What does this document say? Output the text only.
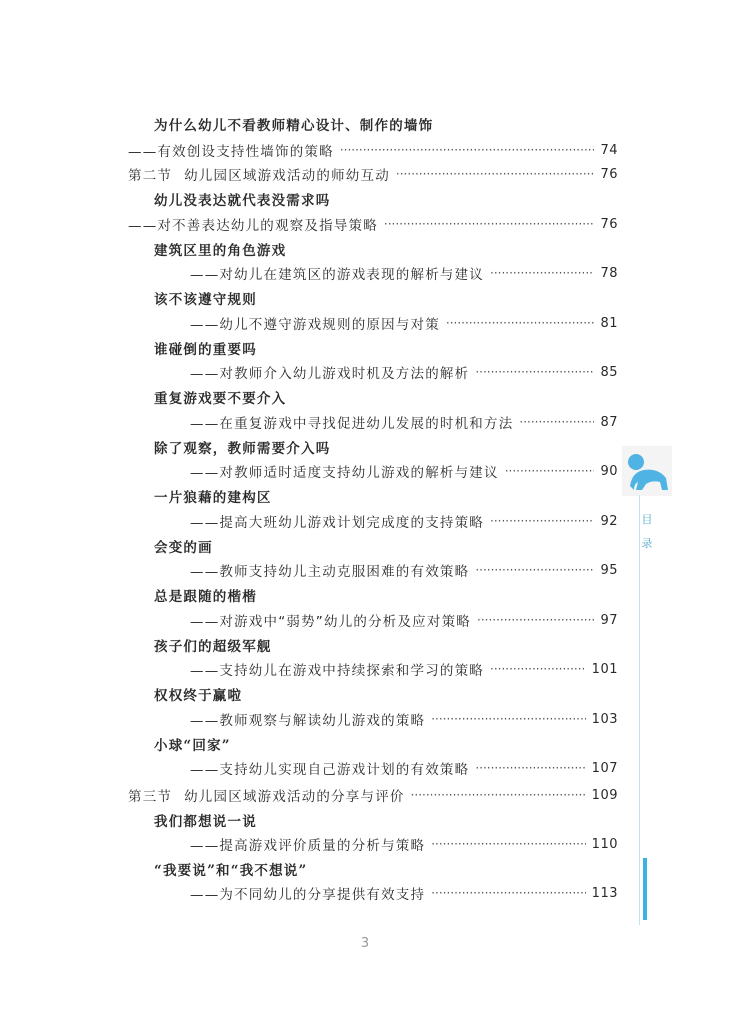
为什么幼儿不看教师精心设计、制作的墙饰
——有效创设支持性墙饰的策略 ·····	74
第二节 幼儿园区域游戏活动的师幼互动 ·····	76
幼儿没表达就代表没需求吗
——对不善表达幼儿的观察及指导策略 ·····	76
建筑区里的角色游戏
——对幼儿在建筑区的游戏表现的解析与建议 ·····	78
该不该遵守规则
——幼儿不遵守游戏规则的原因与对策 ·····	81
谁碰倒的重要吗
——对教师介入幼儿游戏时机及方法的解析 ·····	85
重复游戏要不要介入
——在重复游戏中寻找促进幼儿发展的时机和方法 ·····	87
除了观察，教师需要介入吗
——对教师适时适度支持幼儿游戏的解析与建议 ·····	90
一片狼藉的建构区
——提高大班幼儿游戏计划完成度的支持策略 ·····	92
会变的画
——教师支持幼儿主动克服困难的有效策略 ·····	95
总是跟随的楷楷
——对游戏中“弱势”幼儿的分析及应对策略 ·····	97
孩子们的超级军舰
——支持幼儿在游戏中持续探索和学习的策略 ·····	101
权权终于赢啦
——教师观察与解读幼儿游戏的策略 ·····	103
小球“回家”
——支持幼儿实现自己游戏计划的有效策略 ·····	107
第三节 幼儿园区域游戏活动的分享与评价 ·····	109
我们都想说一说
——提高游戏评价质量的分析与策略 ·····	110
“我要说”和“我不想说”
——为不同幼儿的分享提供有效支持 ·····	113
目
录
3
